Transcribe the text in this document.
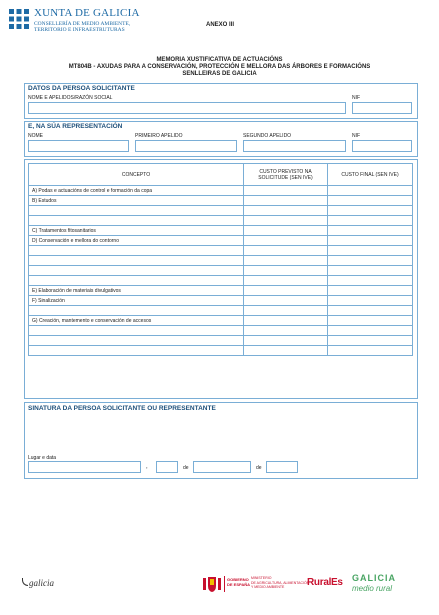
XUNTA DE GALICIA
CONSELLERÍA DE MEDIO AMBIENTE,
TERRITORIO E INFRAESTRUTURAS
ANEXO III
MEMORIA XUSTIFICATIVA DE ACTUACIÓNS
MT804B - AXUDAS PARA A CONSERVACIÓN, PROTECCIÓN E MELLORA DAS ÁRBORES E FORMACIÓNS
SENLLEIRAS DE GALICIA
DATOS DA PERSOA SOLICITANTE
NOME E APELIDOS/RAZÓN SOCIAL	NIF
E, NA SÚA REPRESENTACIÓN
NOME	PRIMEIRO APELIDO	SEGUNDO APELIDO	NIF
CONCEPTO	CUSTO PREVISTO NA SOLICITUDE (SEN IVE)	CUSTO FINAL (SEN IVE)
A) Podas e actuacións de control e formación da copa		
B) Estudos		

C) Tratamentos fitosanitarios		
D) Conservación e mellora do contorno		

E) Elaboración de materiais divulgativos		
F) Sinalización		

G) Creación, mantemento e conservación de accesos		

SINATURA DA PERSOA SOLICITANTE OU REPRESENTANTE
Lugar e data
,	de	de
galicia	GOBIERNO
DE ESPAÑA
MINISTERIO
DE AGRICULTURA, ALIMENTACIÓN
Y MEDIO AMBIENTE RuralEs GALICIA
medio rural
